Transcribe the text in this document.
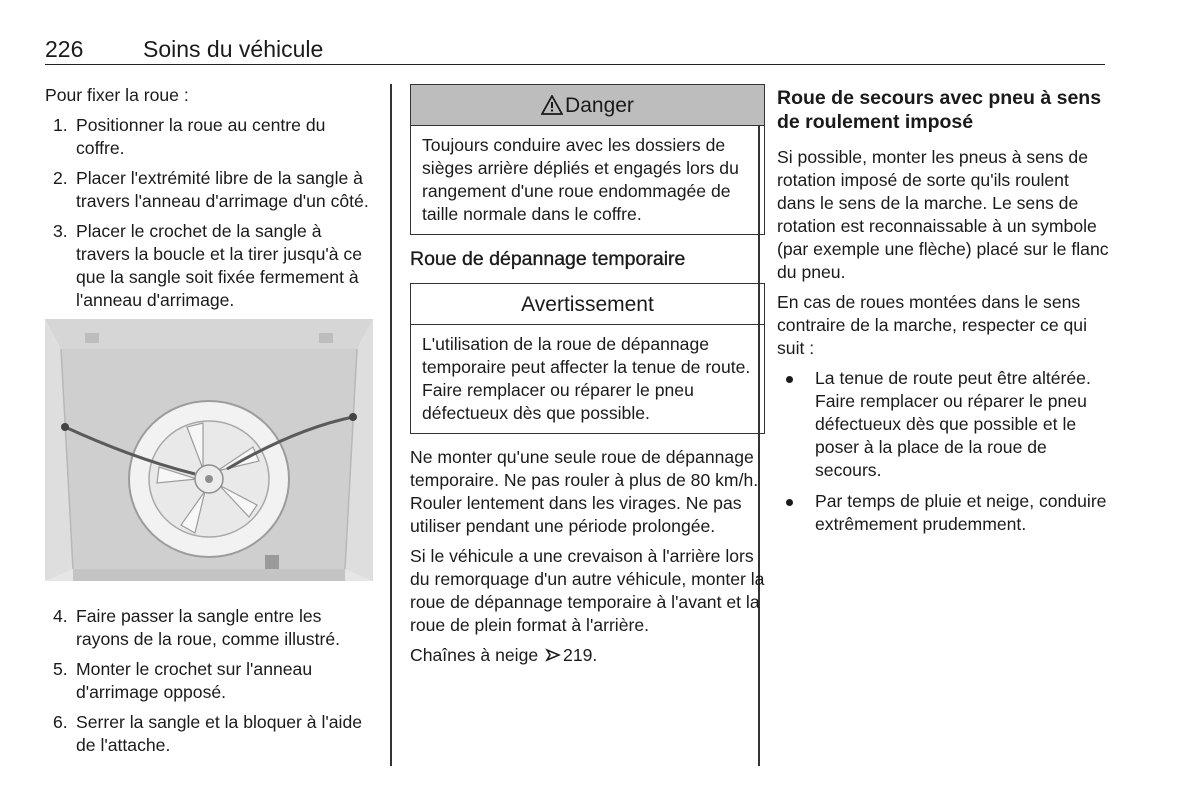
226	Soins du véhicule

Pour fixer la roue :

1. Positionner la roue au centre du coffre.
2. Placer l'extrémité libre de la sangle à travers l'anneau d'arrimage d'un côté.
3. Placer le crochet de la sangle à travers la boucle et la tirer jusqu'à ce que la sangle soit fixée fermement à l'anneau d'arrimage.
4. Faire passer la sangle entre les rayons de la roue, comme illustré.
5. Monter le crochet sur l'anneau d'arrimage opposé.
6. Serrer la sangle et la bloquer à l'aide de l'attache.
Danger
Toujours conduire avec les dossiers de sièges arrière dépliés et engagés lors du rangement d'une roue endommagée de taille normale dans le coffre.
Roue de dépannage temporaire
Avertissement
L'utilisation de la roue de dépannage temporaire peut affecter la tenue de route. Faire remplacer ou réparer le pneu défectueux dès que possible.

Ne monter qu'une seule roue de dépannage temporaire. Ne pas rouler à plus de 80 km/h. Rouler lentement dans les virages. Ne pas utiliser pendant une période prolongée.

Si le véhicule a une crevaison à l'arrière lors du remorquage d'un autre véhicule, monter la roue de dépannage temporaire à l'avant et la roue de plein format à l'arrière.

Chaînes à neige 219.

Roue de secours avec pneu à sens de roulement imposé

Si possible, monter les pneus à sens de rotation imposé de sorte qu'ils roulent dans le sens de la marche. Le sens de rotation est reconnaissable à un symbole (par exemple une flèche) placé sur le flanc du pneu.

En cas de roues montées dans le sens contraire de la marche, respecter ce qui suit :

La tenue de route peut être altérée. Faire remplacer ou réparer le pneu défectueux dès que possible et le poser à la place de la roue de secours.
Par temps de pluie et neige, conduire extrêmement prudemment.
